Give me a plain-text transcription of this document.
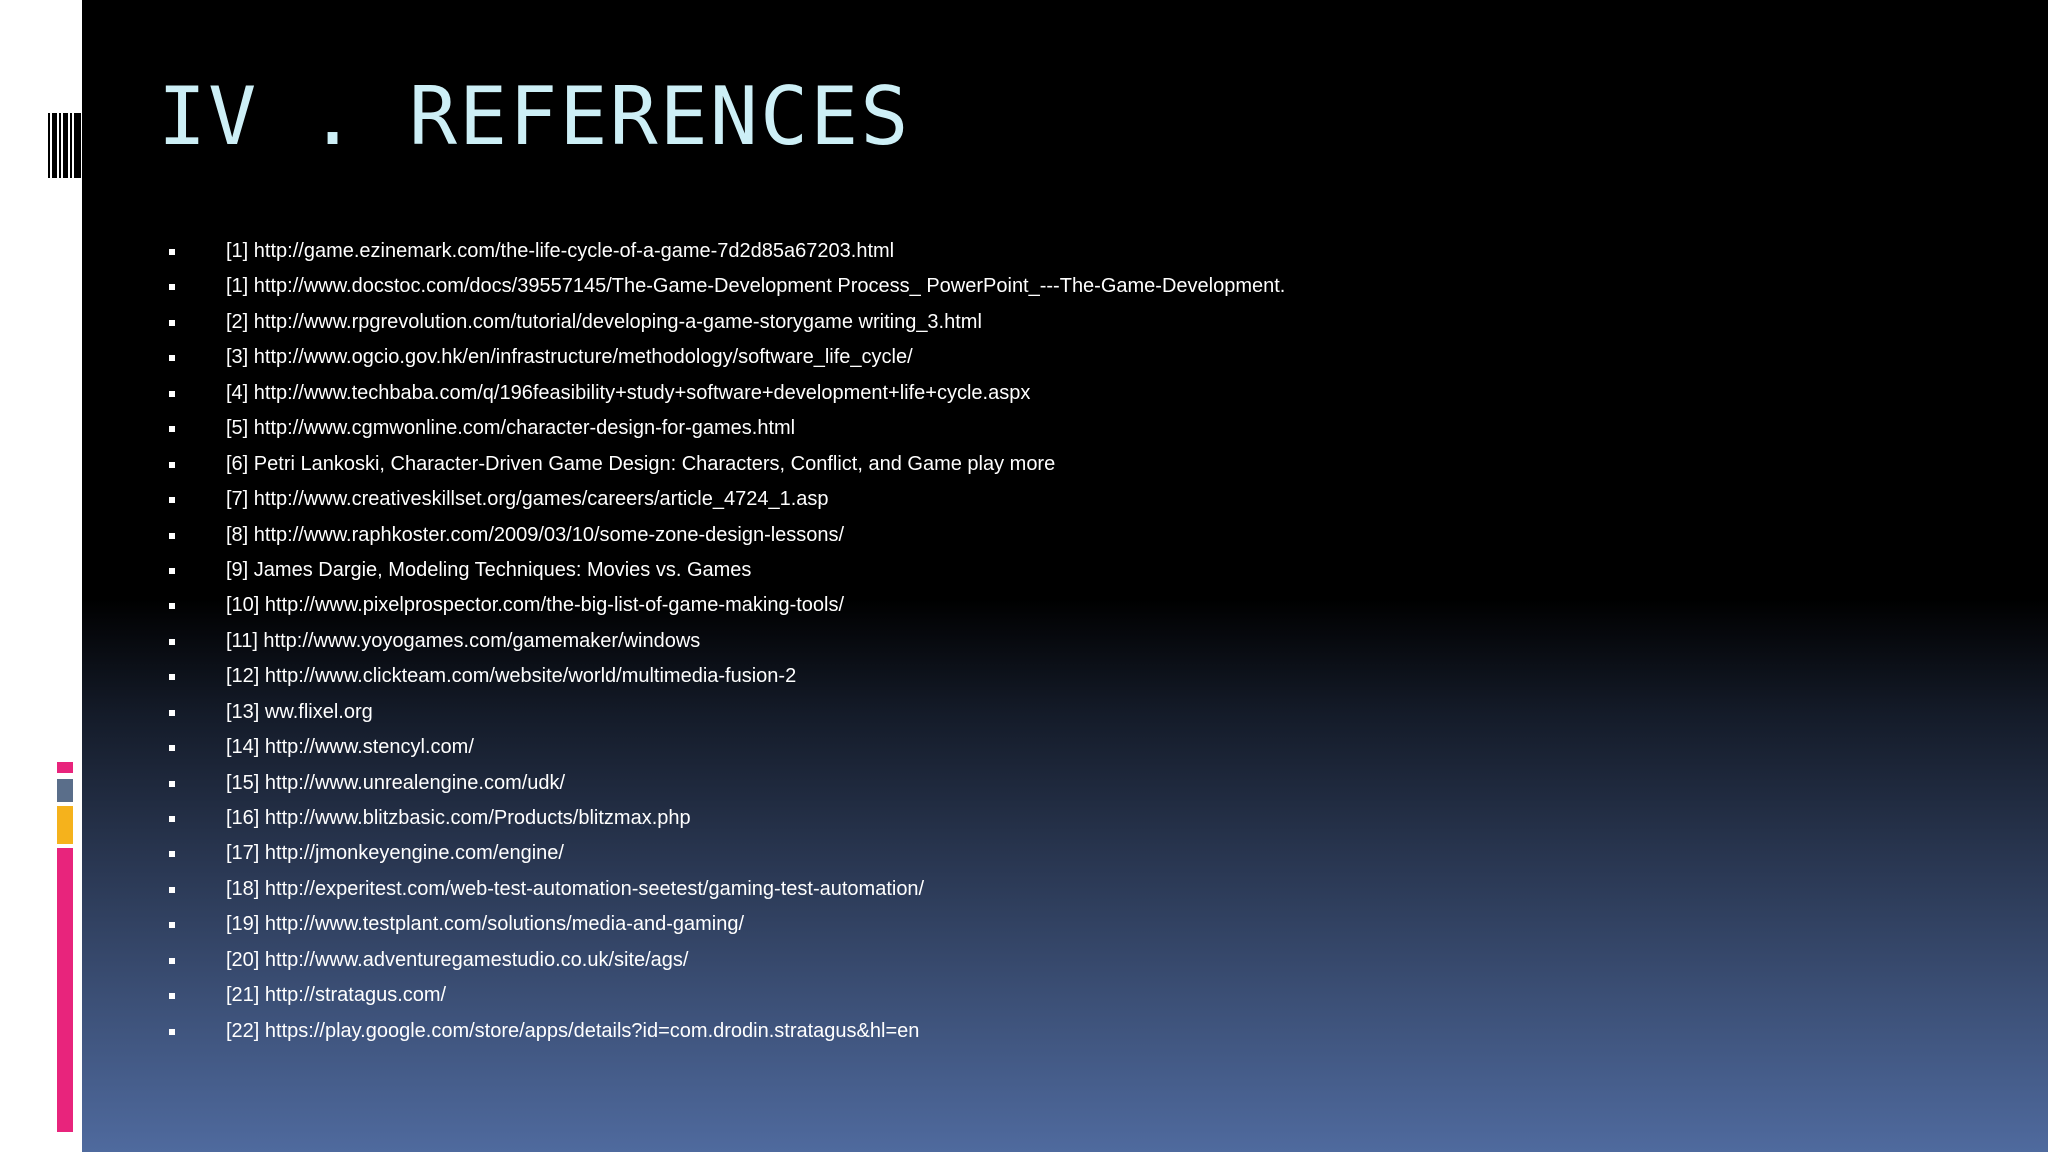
IV . REFERENCES
[1] http://game.ezinemark.com/the-life-cycle-of-a-game-7d2d85a67203.html
[1] http://www.docstoc.com/docs/39557145/The-Game-Development Process_ PowerPoint_---The-Game-Development.
[2] http://www.rpgrevolution.com/tutorial/developing-a-game-storygame writing_3.html
[3] http://www.ogcio.gov.hk/en/infrastructure/methodology/software_life_cycle/
[4] http://www.techbaba.com/q/196feasibility+study+software+development+life+cycle.aspx
[5] http://www.cgmwonline.com/character-design-for-games.html
[6] Petri Lankoski, Character-Driven Game Design: Characters, Conflict, and Game play more
[7] http://www.creativeskillset.org/games/careers/article_4724_1.asp
[8] http://www.raphkoster.com/2009/03/10/some-zone-design-lessons/
[9] James Dargie, Modeling Techniques: Movies vs. Games
[10] http://www.pixelprospector.com/the-big-list-of-game-making-tools/
[11] http://www.yoyogames.com/gamemaker/windows
[12] http://www.clickteam.com/website/world/multimedia-fusion-2
[13] ww.flixel.org
[14] http://www.stencyl.com/
[15] http://www.unrealengine.com/udk/
[16] http://www.blitzbasic.com/Products/blitzmax.php
[17] http://jmonkeyengine.com/engine/
[18] http://experitest.com/web-test-automation-seetest/gaming-test-automation/
[19] http://www.testplant.com/solutions/media-and-gaming/
[20] http://www.adventuregamestudio.co.uk/site/ags/
[21] http://stratagus.com/
[22] https://play.google.com/store/apps/details?id=com.drodin.stratagus&hl=en
